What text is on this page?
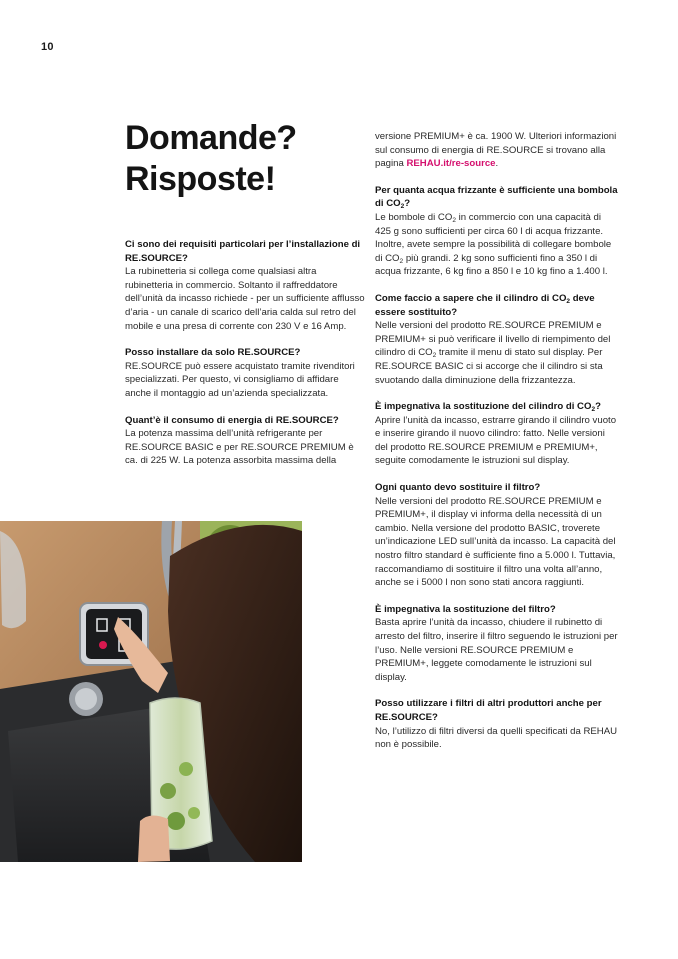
10
Domande?
Risposte!

Ci sono dei requisiti particolari per l’installazione di RE.SOURCE?

La rubinetteria si collega come qualsiasi altra rubinetteria in commercio. Soltanto il raffreddatore dell’unità da incasso richiede - per un sufficiente afflusso d’aria - un canale di scarico dell’aria calda sul retro del mobile e una presa di corrente con 230 V e 16 Amp.

Posso installare da solo RE.SOURCE?

RE.SOURCE può essere acquistato tramite rivenditori specializzati. Per questo, vi consigliamo di affidare anche il montaggio ad un’azienda specializzata.

Quant’è il consumo di energia di RE.SOURCE?

La potenza massima dell’unità refrigerante per RE.SOURCE BASIC e per RE.SOURCE PREMIUM è ca. di 225 W. La potenza assorbita massima della

versione PREMIUM+ è ca. 1900 W. Ulteriori informazioni sul consumo di energia di RE.SOURCE si trovano alla pagina REHAU.it/re-source.

Per quanta acqua frizzante è sufficiente una bombola di $CO_2$?

Le bombole di $CO_2$ in commercio con una capacità di 425 g sono sufficienti per circa 60 l di acqua frizzante. Inoltre, avete sempre la possibilità di collegare bombole di $CO_2$ più grandi. 2 kg sono sufficienti fino a 350 l di acqua frizzante, 6 kg fino a 850 l e 10 kg fino a 1.400 l.

Come faccio a sapere che il cilindro di $CO_2$ deve essere sostituito?

Nelle versioni del prodotto RE.SOURCE PREMIUM e PREMIUM+ si può verificare il livello di riempimento del cilindro di $CO_2$ tramite il menu di stato sul display. Per RE.SOURCE BASIC ci si accorge che il cilindro si sta svuotando dalla diminuzione della frizzantezza.

È impegnativa la sostituzione del cilindro di $CO_2$?

Aprire l’unità da incasso, estrarre girando il cilindro vuoto e inserire girando il nuovo cilindro: fatto. Nelle versioni del prodotto RE.SOURCE PREMIUM e PREMIUM+, seguite comodamente le istruzioni sul display.

Ogni quanto devo sostituire il filtro?

Nelle versioni del prodotto RE.SOURCE PREMIUM e PREMIUM+, il display vi informa della necessità di un cambio. Nella versione del prodotto BASIC, troverete un’indicazione LED sull’unità da incasso. La capacità del nostro filtro standard è sufficiente fino a 5.000 l. Tuttavia, raccomandiamo di sostituire il filtro una volta all’anno, anche se i 5000 l non sono stati ancora raggiunti.

È impegnativa la sostituzione del filtro?

Basta aprire l’unità da incasso, chiudere il rubinetto di arresto del filtro, inserire il filtro seguendo le istruzioni per l’uso. Nelle versioni RE.SOURCE PREMIUM e PREMIUM+, leggete comodamente le istruzioni sul display.

Posso utilizzare i filtri di altri produttori anche per RE.SOURCE?

No, l’utilizzo di filtri diversi da quelli specificati da REHAU non è possibile.
